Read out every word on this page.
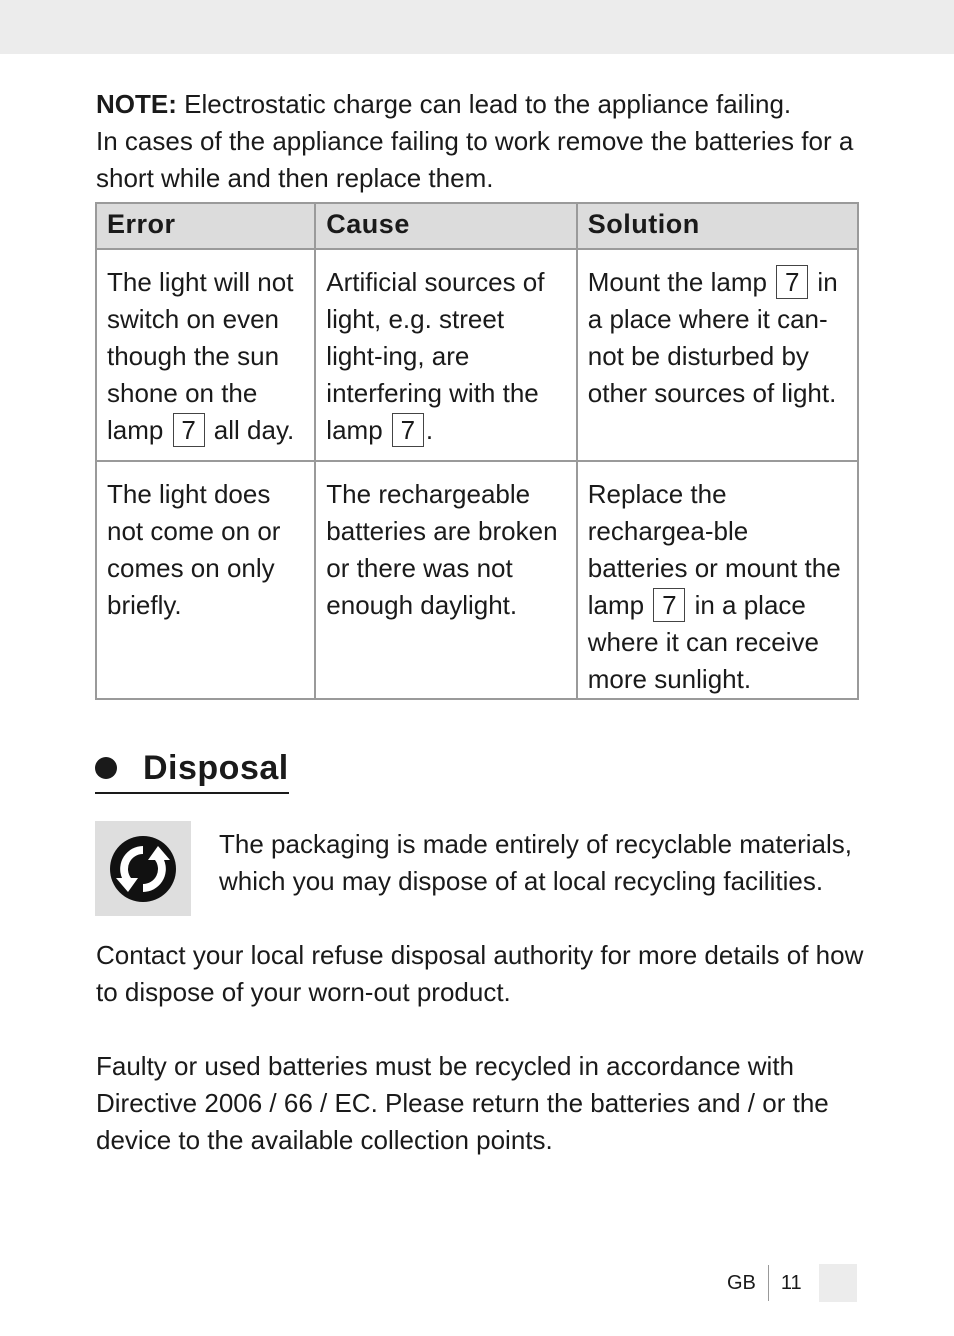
NOTE: Electrostatic charge can lead to the appliance failing.
In cases of the appliance failing to work remove the batteries for a short while and then replace them.
Error	Cause	Solution
The light will not switch on even though the sun shone on the lamp 7 all day.	Artificial sources of light, e.g. street light-ing, are interfering with the lamp 7 .	Mount the lamp 7 in a place where it can-not be disturbed by other sources of light.
The light does not come on or comes on only briefly.	The rechargeable batteries are broken or there was not enough daylight.	Replace the rechargea-ble batteries or mount the lamp 7 in a place where it can receive more sunlight.
Disposal
The packaging is made entirely of recyclable materials, which you may dispose of at local recycling facilities.
Contact your local refuse disposal authority for more details of how to dispose of your worn-out product.
Faulty or used batteries must be recycled in accordance with Directive 2006 / 66 / EC. Please return the batteries and / or the device to the available collection points.
GB	11
